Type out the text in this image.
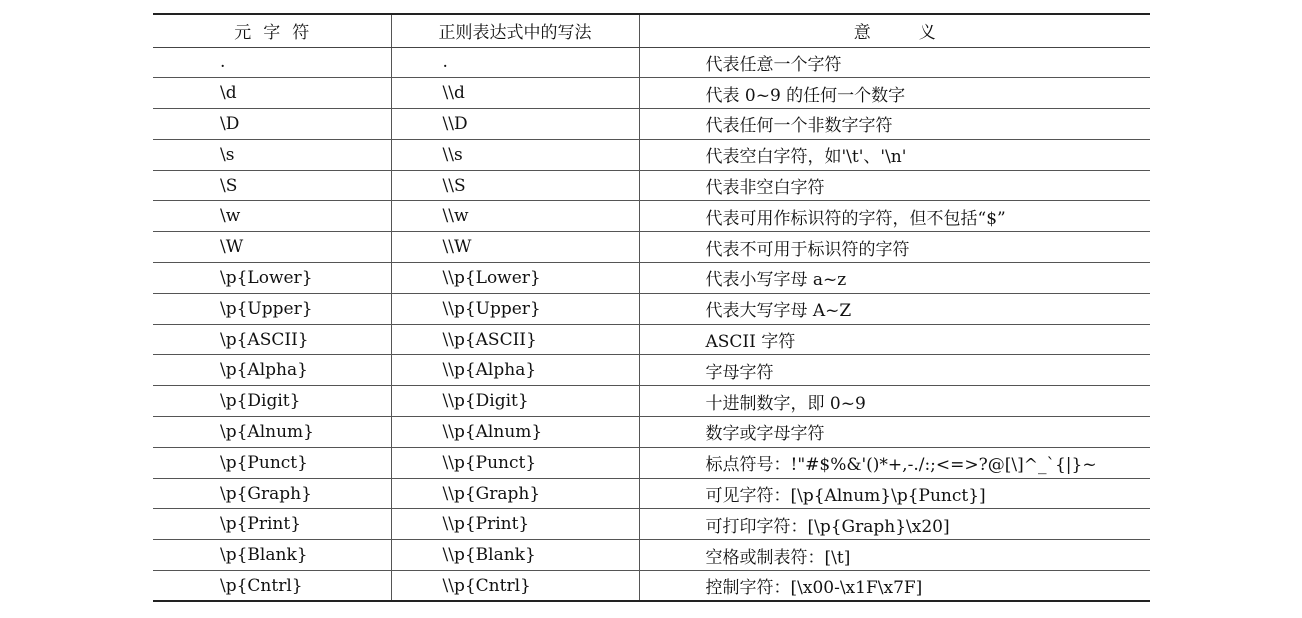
元字符	正则表达式中的写法	意义
.	.	代表任意一个字符
\d	\\d	代表 0~9 的任何一个数字
\D	\\D	代表任何一个非数字字符
\s	\\s	代表空白字符，如'\t'、'\n'
\S	\\S	代表非空白字符
\w	\\w	代表可用作标识符的字符，但不包括“$”
\W	\\W	代表不可用于标识符的字符
\p{Lower}	\\p{Lower}	代表小写字母 a~z
\p{Upper}	\\p{Upper}	代表大写字母 A~Z
\p{ASCII}	\\p{ASCII}	ASCII 字符
\p{Alpha}	\\p{Alpha}	字母字符
\p{Digit}	\\p{Digit}	十进制数字，即 0~9
\p{Alnum}	\\p{Alnum}	数字或字母字符
\p{Punct}	\\p{Punct}	标点符号：!"#$%&'()*+,-./:;<=>?@[\]^_`{|}~
\p{Graph}	\\p{Graph}	可见字符：[\p{Alnum}\p{Punct}]
\p{Print}	\\p{Print}	可打印字符：[\p{Graph}\x20]
\p{Blank}	\\p{Blank}	空格或制表符：[\t]
\p{Cntrl}	\\p{Cntrl}	控制字符：[\x00-\x1F\x7F]
